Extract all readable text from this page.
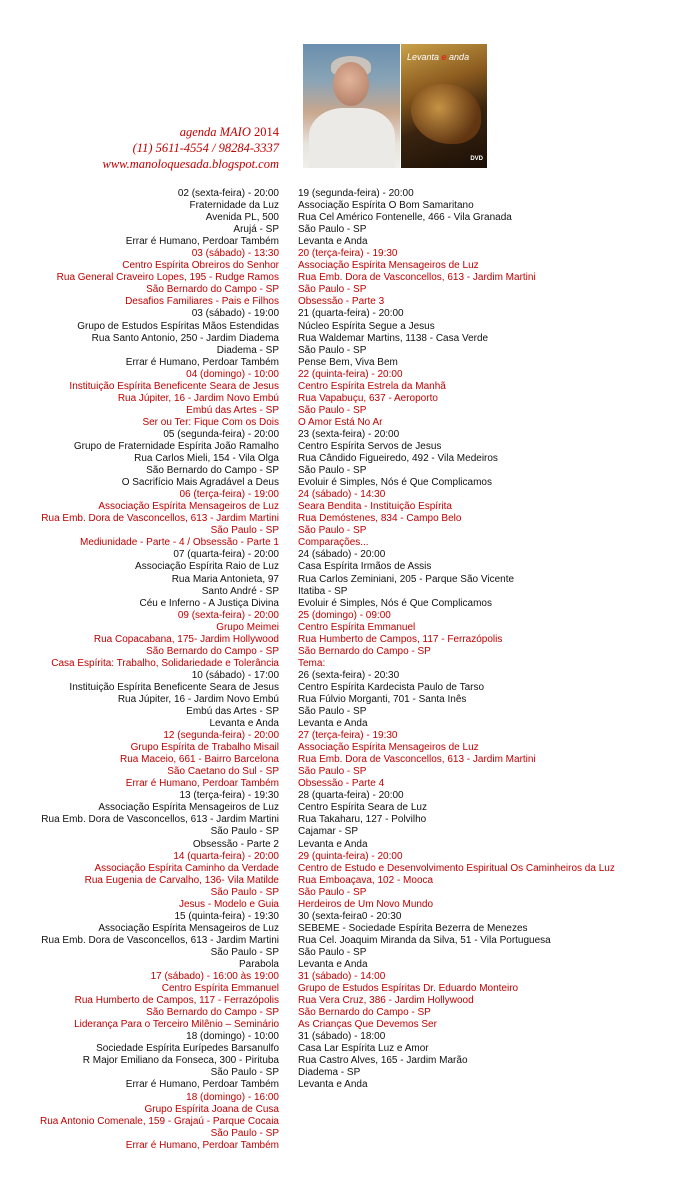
Levanta e anda
DVD
agenda MAIO 2014
(11) 5611-4554 / 98284-3337
www.manoloquesada.blogspot.com
02 (sexta-feira) - 20:00
Fraternidade da Luz
Avenida PL, 500
Arujá - SP
Errar é Humano, Perdoar Também
03 (sábado) - 13:30
Centro Espírita Obreiros do Senhor
Rua General Craveiro Lopes, 195 - Rudge Ramos
São Bernardo do Campo - SP
Desafios Familiares - Pais e Filhos
03 (sábado) - 19:00
Grupo de Estudos Espíritas Mãos Estendidas
Rua Santo Antonio, 250 - Jardim Diadema
Diadema - SP
Errar é Humano, Perdoar Também
04 (domingo) - 10:00
Instituição Espírita Beneficente Seara de Jesus
Rua Júpiter, 16 - Jardim Novo Embú
Embú das Artes - SP
Ser ou Ter: Fique Com os Dois
05 (segunda-feira) - 20:00
Grupo de Fraternidade Espírita João Ramalho
Rua Carlos Mieli, 154 - Vila Olga
São Bernardo do Campo - SP
O Sacrifício Mais Agradável a Deus
06 (terça-feira) - 19:00
Associação Espírita Mensageiros de Luz
Rua Emb. Dora de Vasconcellos, 613 - Jardim Martini
São Paulo - SP
Mediunidade - Parte - 4 / Obsessão - Parte 1
07 (quarta-feira) - 20:00
Associação Espírita Raio de Luz
Rua Maria Antonieta, 97
Santo André - SP
Céu e Inferno - A Justiça Divina
09 (sexta-feira) - 20:00
Grupo Meimei
Rua Copacabana, 175- Jardim Hollywood
São Bernardo do Campo - SP
Casa Espírita: Trabalho, Solidariedade e Tolerância
10 (sábado) - 17:00
Instituição Espírita Beneficente Seara de Jesus
Rua Júpiter, 16 - Jardim Novo Embú
Embú das Artes - SP
Levanta e Anda
12 (segunda-feira) - 20:00
Grupo Espírita de Trabalho Misail
Rua Maceio, 661 - Bairro Barcelona
São Caetano do Sul - SP
Errar é Humano, Perdoar Também
13 (terça-feira) - 19:30
Associação Espírita Mensageiros de Luz
Rua Emb. Dora de Vasconcellos, 613 - Jardim Martini
São Paulo - SP
Obsessão - Parte 2
14 (quarta-feira) - 20:00
Associação Espírita Caminho da Verdade
Rua Eugenia de Carvalho, 136- Vila Matilde
São Paulo - SP
Jesus - Modelo e Guia
15 (quinta-feira) - 19:30
Associação Espírita Mensageiros de Luz
Rua Emb. Dora de Vasconcellos, 613 - Jardim Martini
São Paulo - SP
Parabola
17 (sábado) - 16:00 às 19:00
Centro Espírita Emmanuel
Rua Humberto de Campos, 117 - Ferrazópolis
São Bernardo do Campo - SP
Liderança Para o Terceiro Milênio – Seminário
18 (domingo) - 10:00
Sociedade Espírita Eurípedes Barsanulfo
R Major Emiliano da Fonseca, 300 - Pirituba
São Paulo - SP
Errar é Humano, Perdoar Também
18 (domingo) - 16:00
Grupo Espírita Joana de Cusa
Rua Antonio Comenale, 159 - Grajaú - Parque Cocaia
São Paulo - SP
Errar é Humano, Perdoar Também
19 (segunda-feira) - 20:00
Associação Espírita O Bom Samaritano
Rua Cel Américo Fontenelle, 466 - Vila Granada
São Paulo - SP
Levanta e Anda
20 (terça-feira) - 19:30
Associação Espírita Mensageiros de Luz
Rua Emb. Dora de Vasconcellos, 613 - Jardim Martini
São Paulo - SP
Obsessão - Parte 3
21 (quarta-feira) - 20:00
Núcleo Espírita Segue a Jesus
Rua Waldemar Martins, 1138 - Casa Verde
São Paulo - SP
Pense Bem, Viva Bem
22 (quinta-feira) - 20:00
Centro Espírita Estrela da Manhã
Rua Vapabuçu, 637 - Aeroporto
São Paulo - SP
O Amor Está No Ar
23 (sexta-feira) - 20:00
Centro Espírita Servos de Jesus
Rua Cândido Figueiredo, 492 - Vila Medeiros
São Paulo - SP
Evoluir é Simples, Nós é Que Complicamos
24 (sábado) - 14:30
Seara Bendita - Instituição Espírita
Rua Demóstenes, 834 - Campo Belo
São Paulo - SP
Comparações...
24 (sábado) - 20:00
Casa Espírita Irmãos de Assis
Rua Carlos Zeminiani, 205 - Parque São Vicente
Itatiba - SP
Evoluir é Simples, Nós é Que Complicamos
25 (domingo) - 09:00
Centro Espírita Emmanuel
Rua Humberto de Campos, 117 - Ferrazópolis
São Bernardo do Campo - SP
Tema:
26 (sexta-feira) - 20:30
Centro Espírita Kardecista Paulo de Tarso
Rua Fúlvio Morganti, 701 - Santa Inês
São Paulo - SP
Levanta e Anda
27 (terça-feira) - 19:30
Associação Espírita Mensageiros de Luz
Rua Emb. Dora de Vasconcellos, 613 - Jardim Martini
São Paulo - SP
Obsessão - Parte 4
28 (quarta-feira) - 20:00
Centro Espírita Seara de Luz
Rua Takaharu, 127 - Polvilho
Cajamar - SP
Levanta e Anda
29 (quinta-feira) - 20:00
Centro de Estudo e Desenvolvimento Espiritual Os Caminheiros da Luz
Rua Emboaçava, 102 - Mooca
São Paulo - SP
Herdeiros de Um Novo Mundo
30 (sexta-feira0 - 20:30
SEBEME - Sociedade Espírita Bezerra de Menezes
Rua Cel. Joaquim Miranda da Silva, 51 - Vila Portuguesa
São Paulo - SP
Levanta e Anda
31 (sábado) - 14:00
Grupo de Estudos Espíritas Dr. Eduardo Monteiro
Rua Vera Cruz, 386 - Jardim Hollywood
São Bernardo do Campo - SP
As Crianças Que Devemos Ser
31 (sábado) - 18:00
Casa Lar Espírita Luz e Amor
Rua Castro Alves, 165 - Jardim Marão
Diadema - SP
Levanta e Anda
